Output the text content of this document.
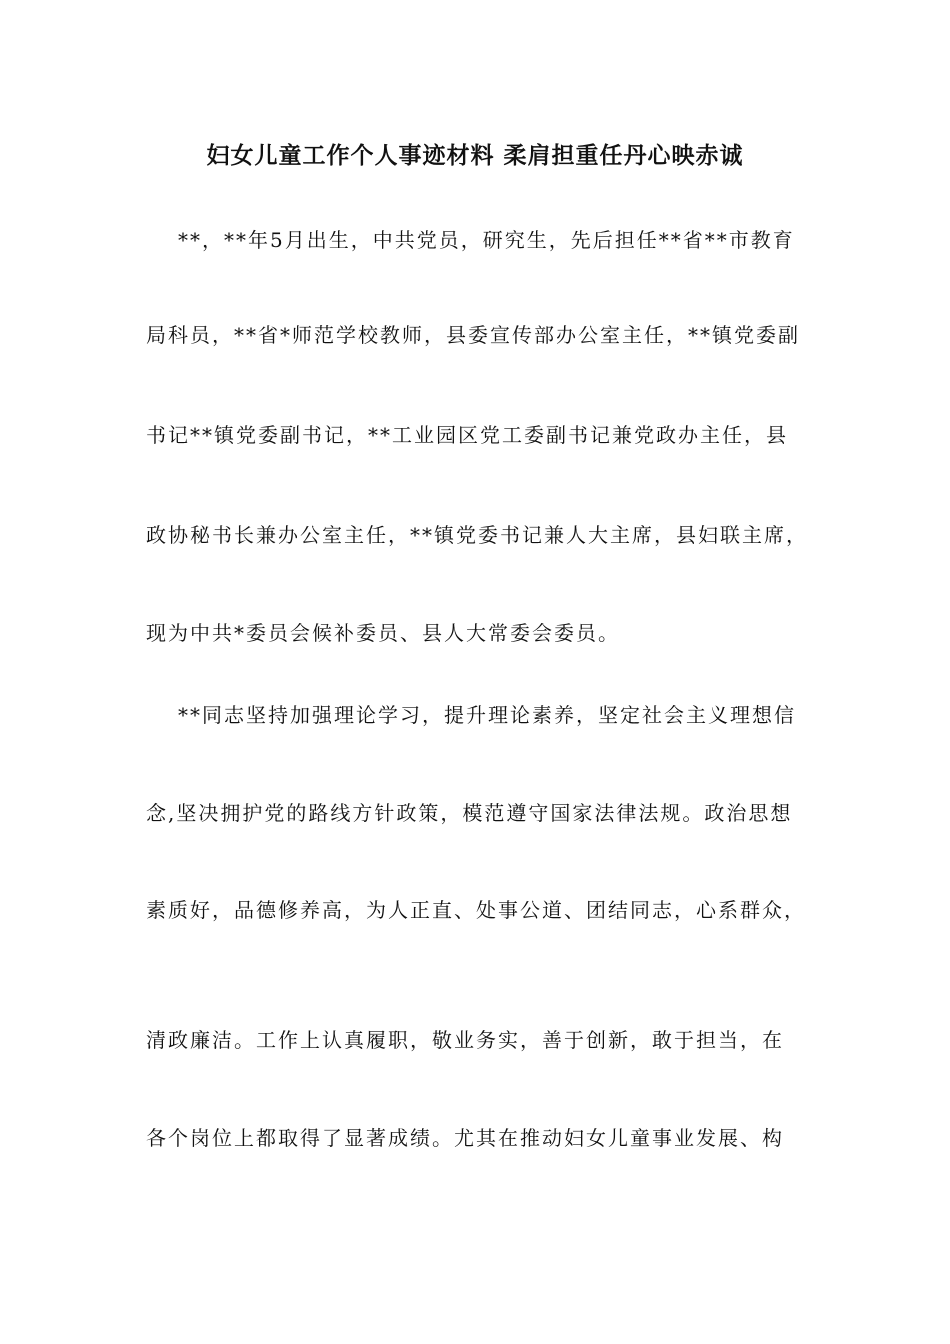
妇女儿童工作个人事迹材料 柔肩担重任丹心映赤诚
**，**年5月出生，中共党员，研究生，先后担任**省**市教育
局科员，**省*师范学校教师，县委宣传部办公室主任，**镇党委副
书记**镇党委副书记，**工业园区党工委副书记兼党政办主任，县
政协秘书长兼办公室主任，**镇党委书记兼人大主席，县妇联主席，
现为中共*委员会候补委员、县人大常委会委员。
**同志坚持加强理论学习，提升理论素养，坚定社会主义理想信
念,坚决拥护党的路线方针政策，模范遵守国家法律法规。政治思想
素质好，品德修养高，为人正直、处事公道、团结同志，心系群众，
清政廉洁。工作上认真履职，敬业务实，善于创新，敢于担当，在
各个岗位上都取得了显著成绩。尤其在推动妇女儿童事业发展、构
